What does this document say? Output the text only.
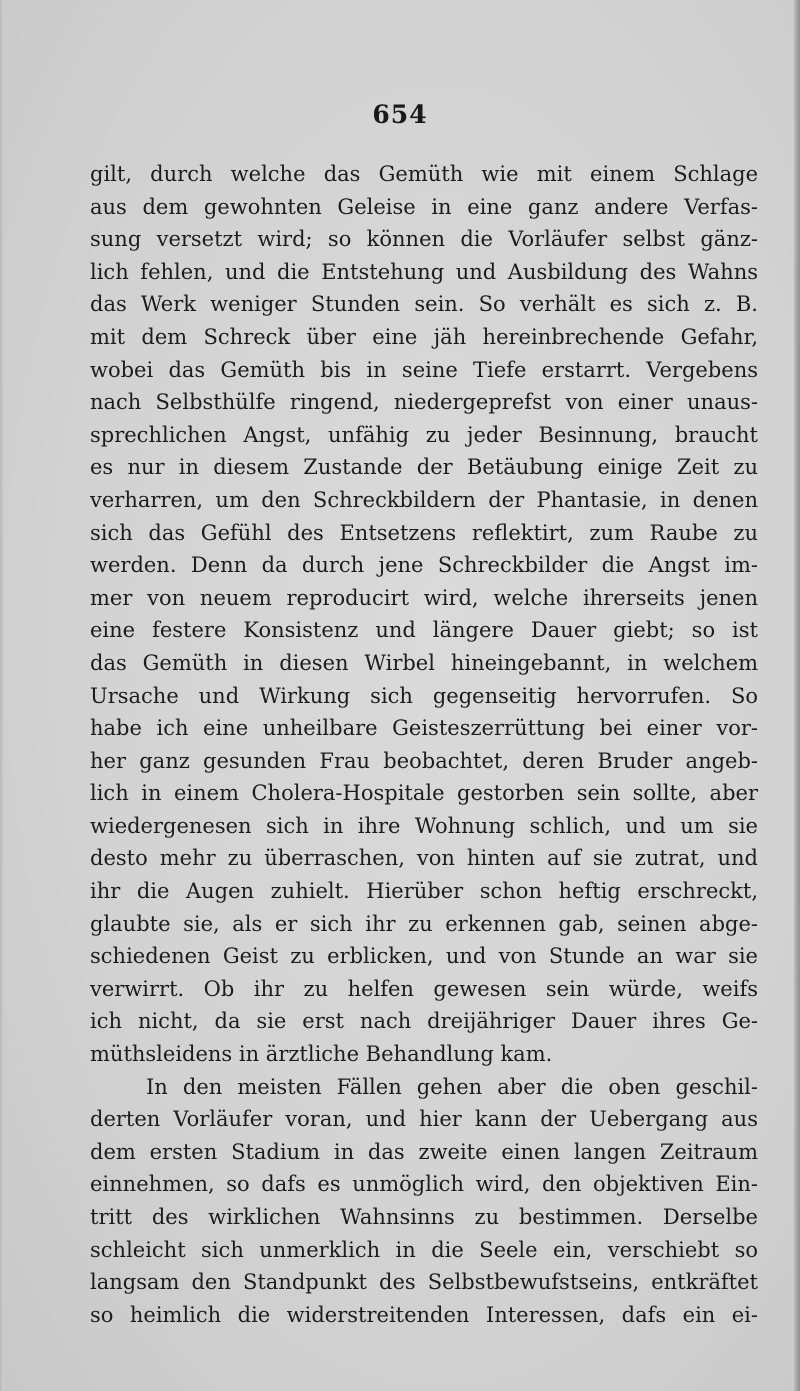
654
gilt, durch welche das Gemüth wie mit einem Schlage
aus dem gewohnten Geleise in eine ganz andere Verfas-
sung versetzt wird; so können die Vorläufer selbst gänz-
lich fehlen, und die Entstehung und Ausbildung des Wahns
das Werk weniger Stunden sein. So verhält es sich z. B.
mit dem Schreck über eine jäh hereinbrechende Gefahr,
wobei das Gemüth bis in seine Tiefe erstarrt. Vergebens
nach Selbsthülfe ringend, niedergeprefst von einer unaus-
sprechlichen Angst, unfähig zu jeder Besinnung, braucht
es nur in diesem Zustande der Betäubung einige Zeit zu
verharren, um den Schreckbildern der Phantasie, in denen
sich das Gefühl des Entsetzens reflektirt, zum Raube zu
werden. Denn da durch jene Schreckbilder die Angst im-
mer von neuem reproducirt wird, welche ihrerseits jenen
eine festere Konsistenz und längere Dauer giebt; so ist
das Gemüth in diesen Wirbel hineingebannt, in welchem
Ursache und Wirkung sich gegenseitig hervorrufen. So
habe ich eine unheilbare Geisteszerrüttung bei einer vor-
her ganz gesunden Frau beobachtet, deren Bruder angeb-
lich in einem Cholera-Hospitale gestorben sein sollte, aber
wiedergenesen sich in ihre Wohnung schlich, und um sie
desto mehr zu überraschen, von hinten auf sie zutrat, und
ihr die Augen zuhielt. Hierüber schon heftig erschreckt,
glaubte sie, als er sich ihr zu erkennen gab, seinen abge-
schiedenen Geist zu erblicken, und von Stunde an war sie
verwirrt. Ob ihr zu helfen gewesen sein würde, weifs
ich nicht, da sie erst nach dreijähriger Dauer ihres Ge-
müthsleidens in ärztliche Behandlung kam.
In den meisten Fällen gehen aber die oben geschil-
derten Vorläufer voran, und hier kann der Uebergang aus
dem ersten Stadium in das zweite einen langen Zeitraum
einnehmen, so dafs es unmöglich wird, den objektiven Ein-
tritt des wirklichen Wahnsinns zu bestimmen. Derselbe
schleicht sich unmerklich in die Seele ein, verschiebt so
langsam den Standpunkt des Selbstbewufstseins, entkräftet
so heimlich die widerstreitenden Interessen, dafs ein ei-
